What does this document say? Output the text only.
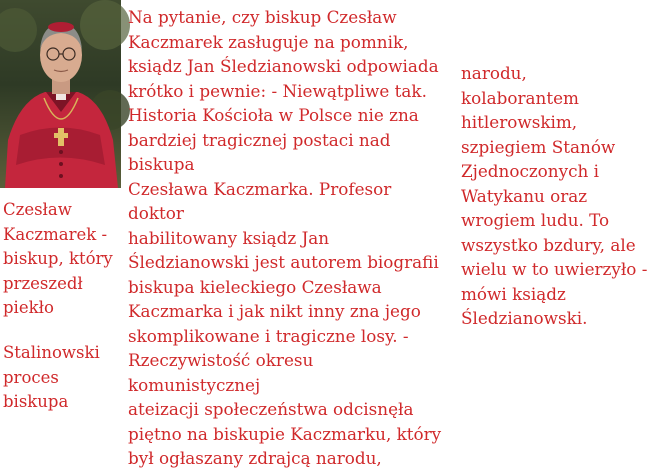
Czesław Kaczmarek - biskup, który przeszedł piekło

Stalinowski proces biskupa

Na pytanie, czy biskup Czesław
Kaczmarek zasługuje na pomnik,
ksiądz Jan Śledzianowski odpowiada
krótko i pewnie: - Niewątpliwe tak.
Historia Kościoła w Polsce nie zna
bardziej tragicznej postaci nad biskupa
Czesława Kaczmarka. Profesor doktor
habilitowany ksiądz Jan
Śledzianowski jest autorem biografii
biskupa kieleckiego Czesława
Kaczmarka i jak nikt inny zna jego
skomplikowane i tragiczne losy. -
Rzeczywistość okresu komunistycznej
ateizacji społeczeństwa odcisnęła
piętno na biskupie Kaczmarku, który
był ogłaszany zdrajcą narodu,

narodu, kolaborantem
hitlerowskim,
szpiegiem Stanów
Zjednoczonych i
Watykanu oraz
wrogiem ludu. To
wszystko bzdury, ale
wielu w to uwierzyło -
mówi ksiądz
Śledzianowski.
